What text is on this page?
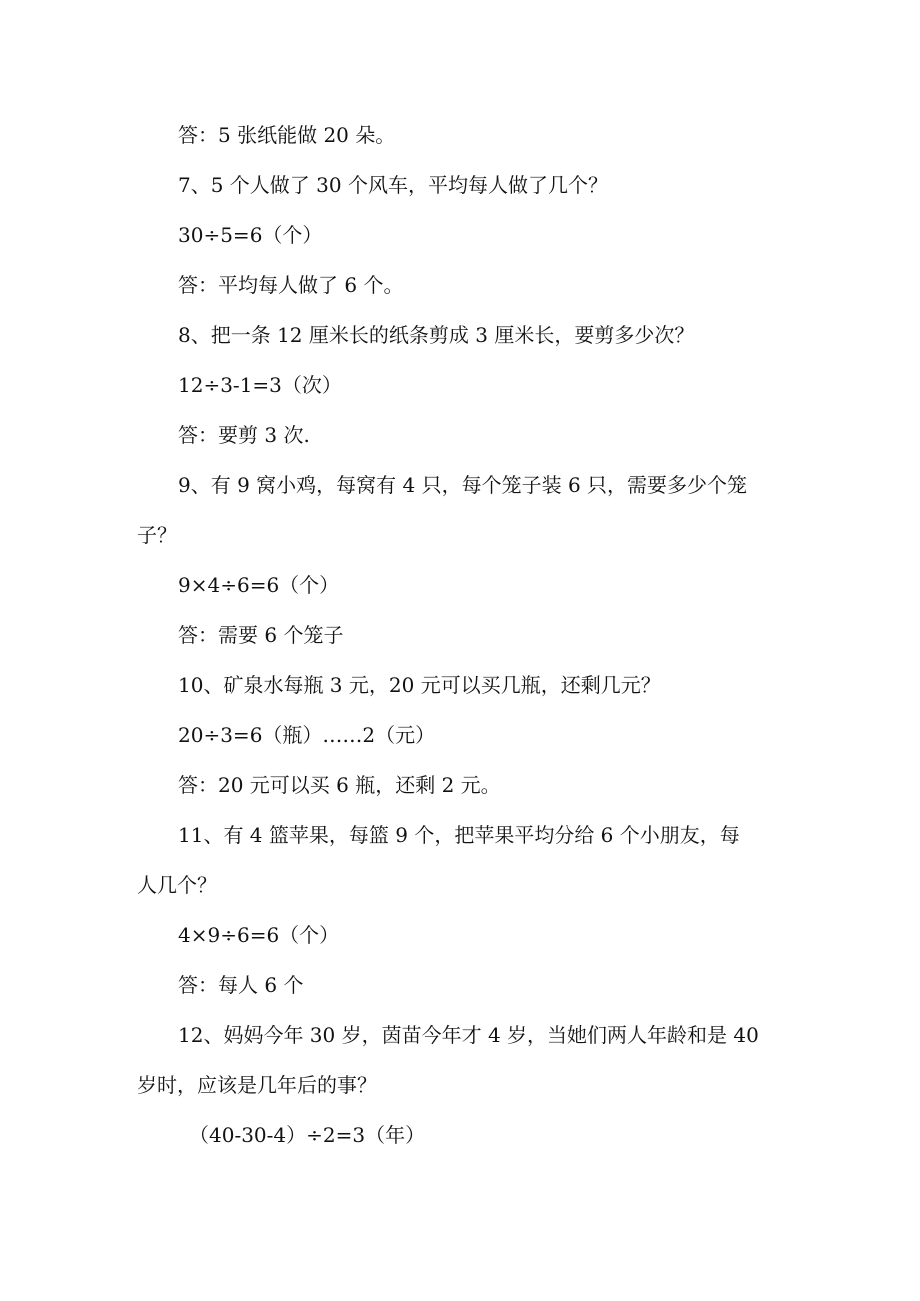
答：5 张纸能做 20 朵。

7、5 个人做了 30 个风车，平均每人做了几个？

30÷5=6（个）

答：平均每人做了 6 个。

8、把一条 12 厘米长的纸条剪成 3 厘米长，要剪多少次？

12÷3-1=3（次）

答：要剪 3 次.

9、有 9 窝小鸡，每窝有 4 只，每个笼子装 6 只，需要多少个笼

子？

9×4÷6=6（个）

答：需要 6 个笼子

10、矿泉水每瓶 3 元，20 元可以买几瓶，还剩几元？

20÷3=6（瓶）……2（元）

答：20 元可以买 6 瓶，还剩 2 元。

11、有 4 篮苹果，每篮 9 个，把苹果平均分给 6 个小朋友，每

人几个？

4×9÷6=6（个）

答：每人 6 个

12、妈妈今年 30 岁，茵苗今年才 4 岁，当她们两人年龄和是 40

岁时，应该是几年后的事？

（40-30-4）÷2=3（年）
